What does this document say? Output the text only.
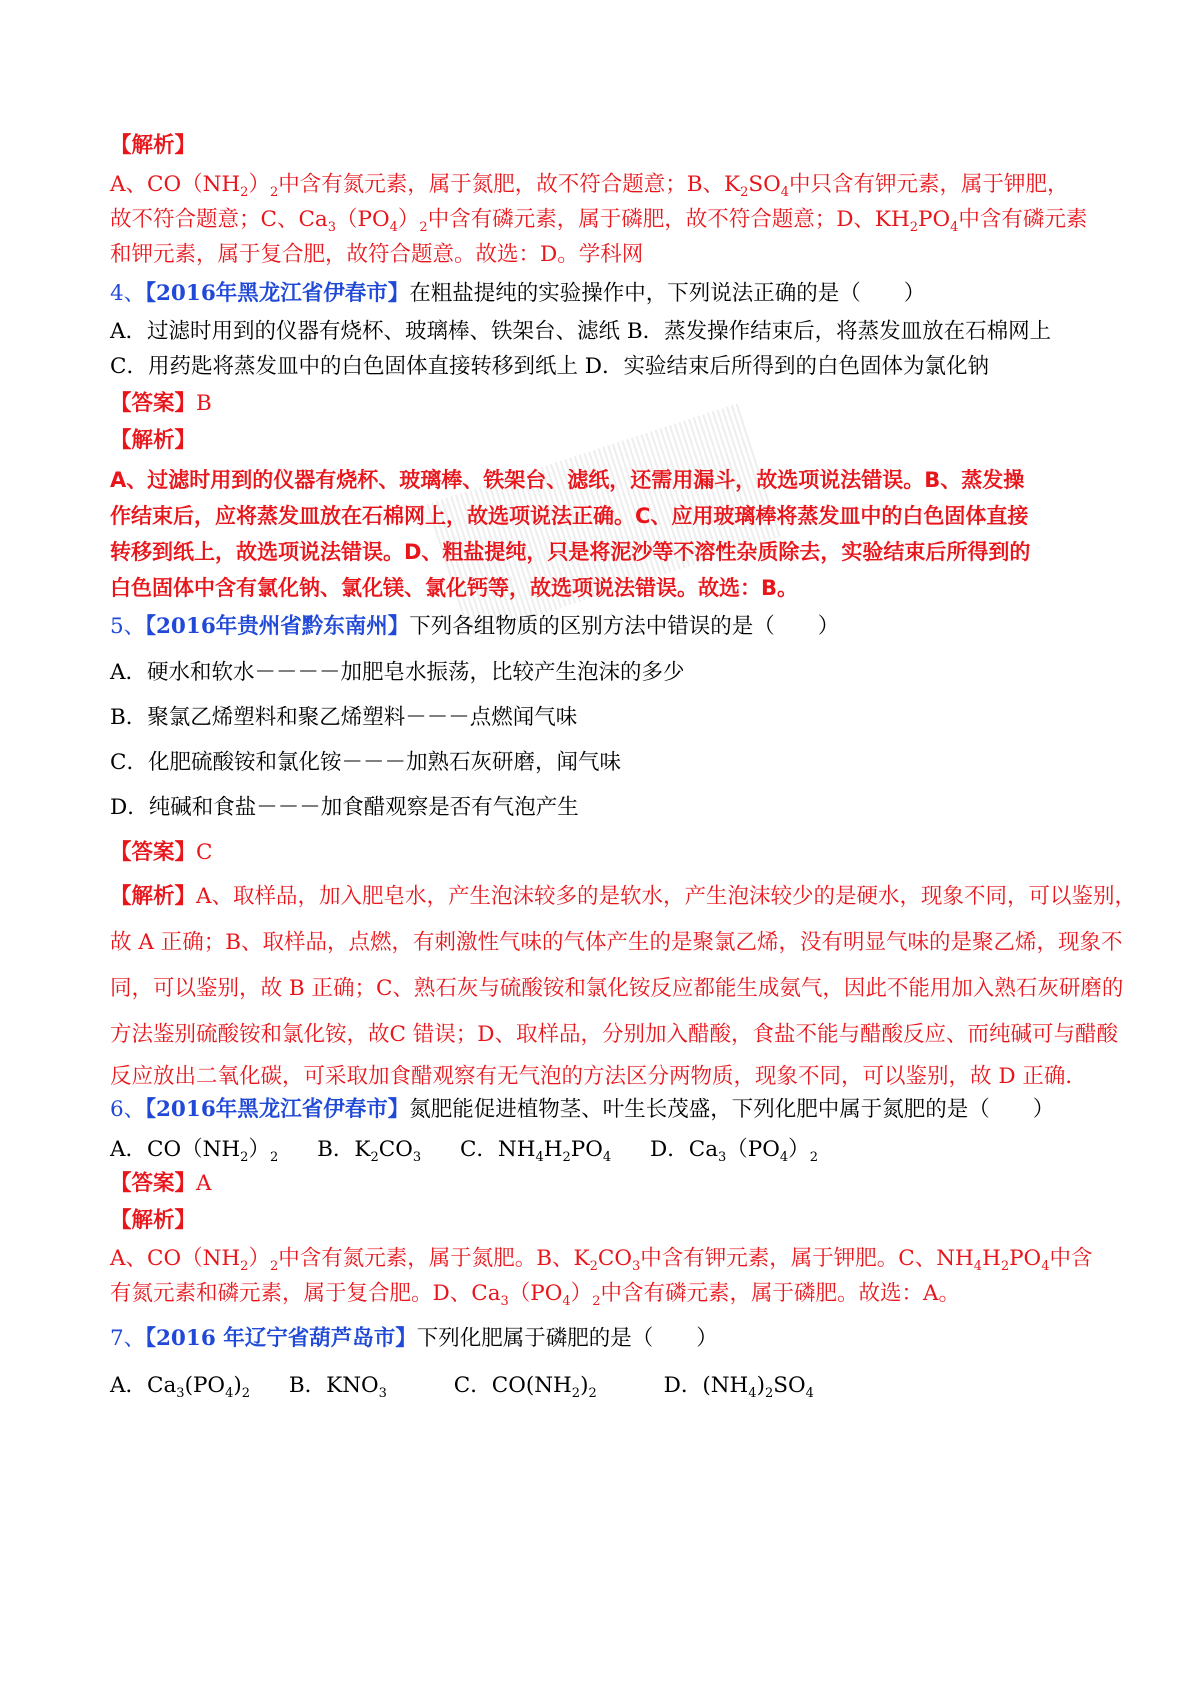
【解析】
A、$CO(NH_2)_2$中含有氮元素，属于氮肥，故不符合题意；B、$K_2SO_4$中只含有钾元素，属于钾肥，
故不符合题意；C、$Ca_3(PO_4)_2$中含有磷元素，属于磷肥，故不符合题意；D、$KH_2PO_4$中含有磷元素
和钾元素，属于复合肥，故符合题意。故选：D。学科网
4、【2016年黑龙江省伊春市】在粗盐提纯的实验操作中，下列说法正确的是（　　）
A．过滤时用到的仪器有烧杯、玻璃棒、铁架台、滤纸 B．蒸发操作结束后，将蒸发皿放在石棉网上
C．用药匙将蒸发皿中的白色固体直接转移到纸上 D．实验结束后所得到的白色固体为氯化钠
【答案】B
【解析】
A、过滤时用到的仪器有烧杯、玻璃棒、铁架台、滤纸，还需用漏斗，故选项说法错误。B、蒸发操
作结束后，应将蒸发皿放在石棉网上，故选项说法正确。C、应用玻璃棒将蒸发皿中的白色固体直接
转移到纸上，故选项说法错误。D、粗盐提纯，只是将泥沙等不溶性杂质除去，实验结束后所得到的
白色固体中含有氯化钠、氯化镁、氯化钙等，故选项说法错误。故选：B。
5、【2016年贵州省黔东南州】下列各组物质的区别方法中错误的是（　　）
A．硬水和软水－－－－加肥皂水振荡，比较产生泡沫的多少
B．聚氯乙烯塑料和聚乙烯塑料－－－点燃闻气味
C．化肥硫酸铵和氯化铵－－－加熟石灰研磨，闻气味
D．纯碱和食盐－－－加食醋观察是否有气泡产生
【答案】C
【解析】A、取样品，加入肥皂水，产生泡沫较多的是软水，产生泡沫较少的是硬水，现象不同，可以鉴别，
故 A 正确；B、取样品，点燃，有刺激性气味的气体产生的是聚氯乙烯，没有明显气味的是聚乙烯，现象不
同，可以鉴别，故 B 正确；C、熟石灰与硫酸铵和氯化铵反应都能生成氨气，因此不能用加入熟石灰研磨的
方法鉴别硫酸铵和氯化铵，故C 错误；D、取样品，分别加入醋酸，食盐不能与醋酸反应、而纯碱可与醋酸
反应放出二氧化碳，可采取加食醋观察有无气泡的方法区分两物质，现象不同，可以鉴别，故 D 正确．
6、【2016年黑龙江省伊春市】氮肥能促进植物茎、叶生长茂盛，下列化肥中属于氮肥的是（　　）
A．$CO(NH_2)_2$ B．$K_2CO_3$ C．$NH_4H_2PO_4$ D．$Ca_3(PO_4)_2$
【答案】A
【解析】
A、$CO(NH_2)_2$中含有氮元素，属于氮肥。B、$K_2CO_3$中含有钾元素，属于钾肥。C、$NH_4H_2PO_4$中含
有氮元素和磷元素，属于复合肥。D、$Ca_3(PO_4)_2$中含有磷元素，属于磷肥。故选：A。
7、【2016 年辽宁省葫芦岛市】下列化肥属于磷肥的是（　　）
A．$Ca_3(PO_4)_2$ B．$KNO_3$	C．$CO(NH_2)_2$	D．$(NH_4)_2SO_4$
